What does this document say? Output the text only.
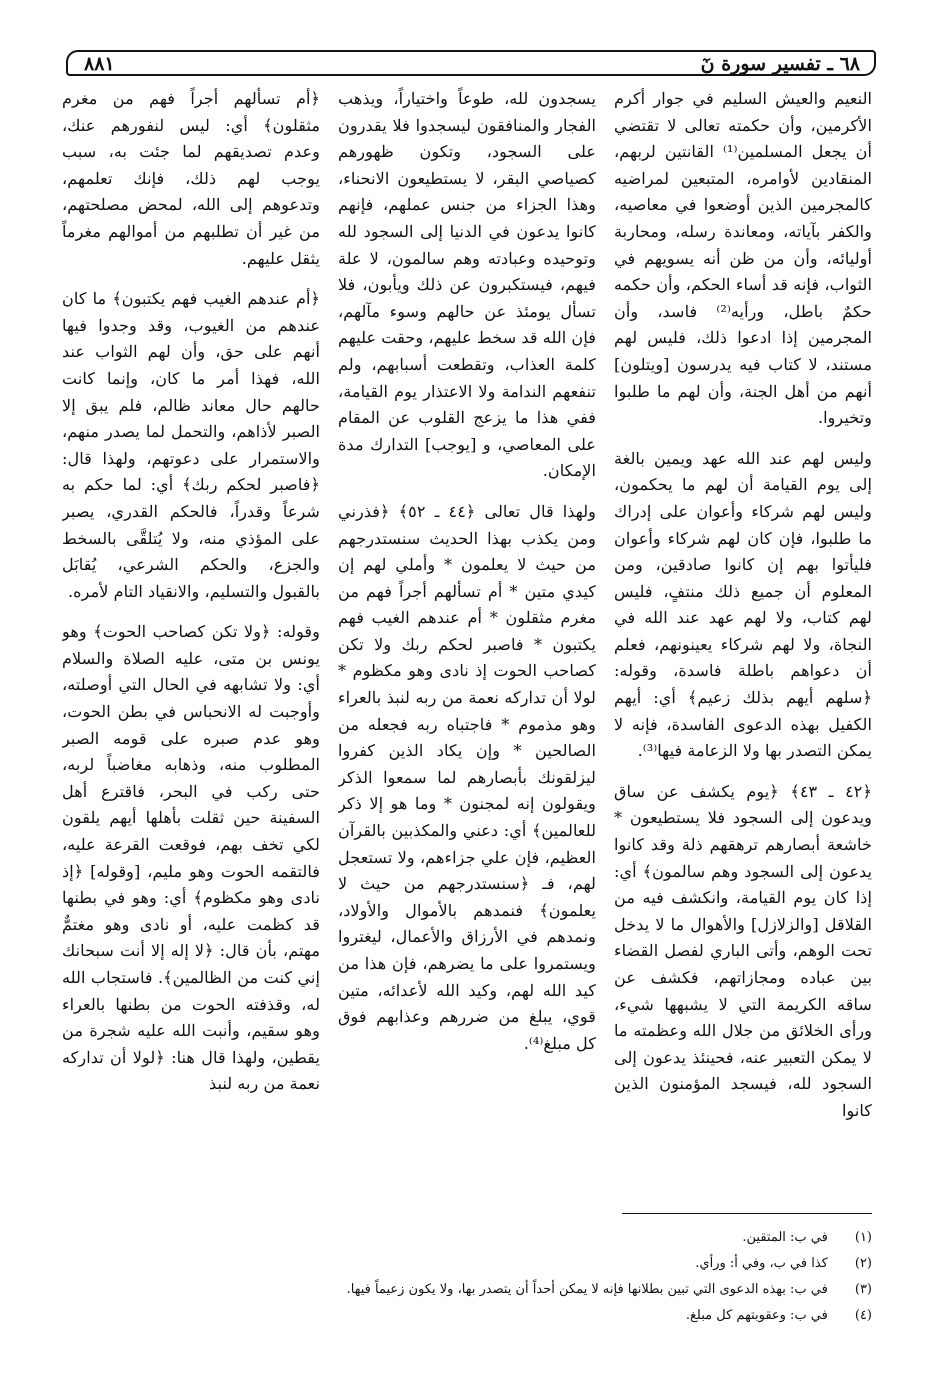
٦٨ ـ تفسير سورة نٓ
٨٨١

النعيم والعيش السليم في جوار أكرم الأكرمين، وأن حكمته تعالى لا تقتضي أن يجعل المسلمين⁽¹⁾ القانتين لربهم، المنقادين لأوامره، المتبعين لمراضيه كالمجرمين الذين أوضعوا في معاصيه، والكفر بآياته، ومعاندة رسله، ومحاربة أوليائه، وأن من ظن أنه يسويهم في الثواب، فإنه قد أساء الحكم، وأن حكمه حكمٌ باطل، ورأيه⁽²⁾ فاسد، وأن المجرمين إذا ادعوا ذلك، فليس لهم مستند، لا كتاب فيه يدرسون [ويتلون] أنهم من أهل الجنة، وأن لهم ما طلبوا وتخيروا.

وليس لهم عند الله عهد ويمين بالغة إلى يوم القيامة أن لهم ما يحكمون، وليس لهم شركاء وأعوان على إدراك ما طلبوا، فإن كان لهم شركاء وأعوان فليأتوا بهم إن كانوا صادقين، ومن المعلوم أن جميع ذلك منتفٍ، فليس لهم كتاب، ولا لهم عهد عند الله في النجاة، ولا لهم شركاء يعينونهم، فعلم أن دعواهم باطلة فاسدة، وقوله: ﴿سلهم أيهم بذلك زعيم﴾ أي: أيهم الكفيل بهذه الدعوى الفاسدة، فإنه لا يمكن التصدر بها ولا الزعامة فيها⁽³⁾.

﴿٤٢ ـ ٤٣﴾ ﴿يوم يكشف عن ساق ويدعون إلى السجود فلا يستطيعون * خاشعة أبصارهم ترهقهم ذلة وقد كانوا يدعون إلى السجود وهم سالمون﴾ أي: إذا كان يوم القيامة، وانكشف فيه من القلاقل [والزلازل] والأهوال ما لا يدخل تحت الوهم، وأتى الباري لفصل القضاء بين عباده ومجازاتهم، فكشف عن ساقه الكريمة التي لا يشبهها شيء، ورأى الخلائق من جلال الله وعظمته ما لا يمكن التعبير عنه، فحينئذ يدعون إلى السجود لله، فيسجد المؤمنون الذين كانوا

يسجدون لله، طوعاً واختياراً، ويذهب الفجار والمنافقون ليسجدوا فلا يقدرون على السجود، وتكون ظهورهم كصياصي البقر، لا يستطيعون الانحناء، وهذا الجزاء من جنس عملهم، فإنهم كانوا يدعون في الدنيا إلى السجود لله وتوحيده وعبادته وهم سالمون، لا علة فيهم، فيستكبرون عن ذلك ويأبون، فلا تسأل يومئذ عن حالهم وسوء مآلهم، فإن الله قد سخط عليهم، وحقت عليهم كلمة العذاب، وتقطعت أسبابهم، ولم تنفعهم الندامة ولا الاعتذار يوم القيامة، ففي هذا ما يزعج القلوب عن المقام على المعاصي، و [يوجب] التدارك مدة الإمكان.

ولهذا قال تعالى ﴿٤٤ ـ ٥٢﴾ ﴿فذرني ومن يكذب بهذا الحديث سنستدرجهم من حيث لا يعلمون * وأملي لهم إن كيدي متين * أم تسألهم أجراً فهم من مغرم مثقلون * أم عندهم الغيب فهم يكتبون * فاصبر لحكم ربك ولا تكن كصاحب الحوت إذ نادى وهو مكظوم * لولا أن تداركه نعمة من ربه لنبذ بالعراء وهو مذموم * فاجتباه ربه فجعله من الصالحين * وإن يكاد الذين كفروا ليزلقونك بأبصارهم لما سمعوا الذكر ويقولون إنه لمجنون * وما هو إلا ذكر للعالمين﴾ أي: دعني والمكذبين بالقرآن العظيم، فإن علي جزاءهم، ولا تستعجل لهم، فـ ﴿سنستدرجهم من حيث لا يعلمون﴾ فنمدهم بالأموال والأولاد، ونمدهم في الأرزاق والأعمال، ليغتروا ويستمروا على ما يضرهم، فإن هذا من كيد الله لهم، وكيد الله لأعدائه، متين قوي، يبلغ من ضررهم وعذابهم فوق كل مبلغ⁽⁴⁾.

﴿أم تسألهم أجراً فهم من مغرم مثقلون﴾ أي: ليس لنفورهم عنك، وعدم تصديقهم لما جئت به، سبب يوجب لهم ذلك، فإنك تعلمهم، وتدعوهم إلى الله، لمحض مصلحتهم، من غير أن تطلبهم من أموالهم مغرماً يثقل عليهم.

﴿أم عندهم الغيب فهم يكتبون﴾ ما كان عندهم من الغيوب، وقد وجدوا فيها أنهم على حق، وأن لهم الثواب عند الله، فهذا أمر ما كان، وإنما كانت حالهم حال معاند ظالم، فلم يبق إلا الصبر لأذاهم، والتحمل لما يصدر منهم، والاستمرار على دعوتهم، ولهذا قال: ﴿فاصبر لحكم ربك﴾ أي: لما حكم به شرعاً وقدراً، فالحكم القدري، يصبر على المؤذي منه، ولا يُتلقَّى بالسخط والجزع، والحكم الشرعي، يُقابَل بالقبول والتسليم، والانقياد التام لأمره.

وقوله: ﴿ولا تكن كصاحب الحوت﴾ وهو يونس بن متى، عليه الصلاة والسلام أي: ولا تشابهه في الحال التي أوصلته، وأوجبت له الانحباس في بطن الحوت، وهو عدم صبره على قومه الصبر المطلوب منه، وذهابه مغاضباً لربه، حتى ركب في البحر، فاقترع أهل السفينة حين ثقلت بأهلها أيهم يلقون لكي تخف بهم، فوقعت القرعة عليه، فالتقمه الحوت وهو مليم، [وقوله] ﴿إذ نادى وهو مكظوم﴾ أي: وهو في بطنها قد كظمت عليه، أو نادى وهو مغتمٌّ مهتم، بأن قال: ﴿لا إله إلا أنت سبحانك إني كنت من الظالمين﴾. فاستجاب الله له، وقذفته الحوت من بطنها بالعراء وهو سقيم، وأنبت الله عليه شجرة من يقطين، ولهذا قال هنا: ﴿لولا أن تداركه نعمة من ربه لنبذ

(١) في ب: المتقين.
(٢) كذا في ب، وفي أ: ورأي.
(٣) في ب: بهذه الدعوى التي تبين بطلانها فإنه لا يمكن أحداً أن يتصدر بها، ولا يكون زعيماً فيها.
(٤) في ب: وعقوبتهم كل مبلغ.
